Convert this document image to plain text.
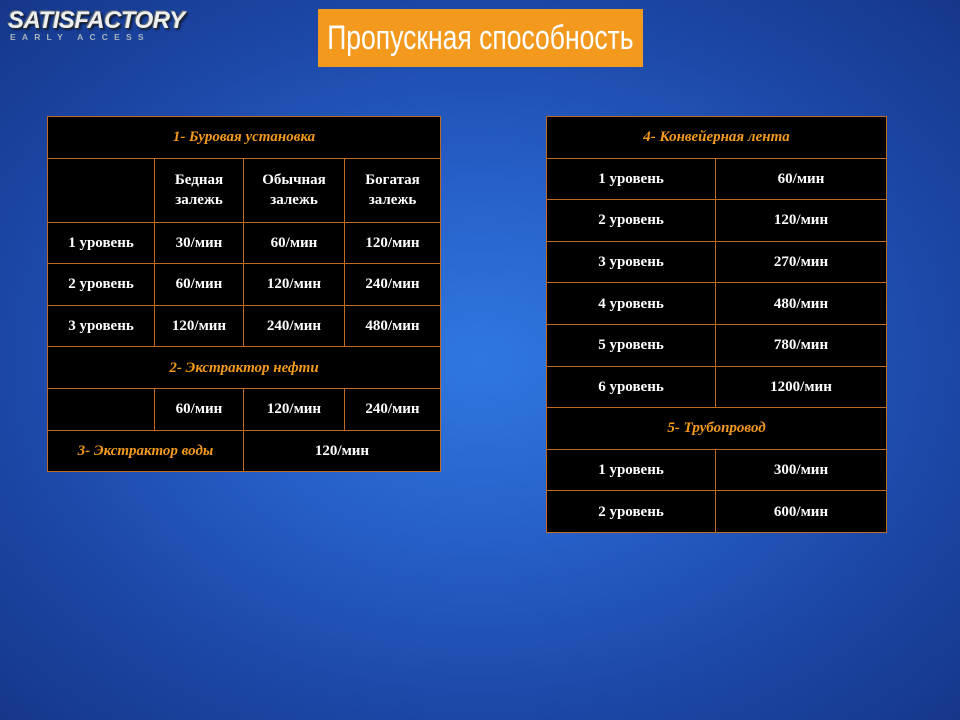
SATISFACTORY
EARLY ACCESS	Пропускная способность
1- Буровая установка			
	Бедная залежь	Обычная залежь	Богатая залежь
1 уровень	30/мин	60/мин	120/мин
2 уровень	60/мин	120/мин	240/мин
3 уровень	120/мин	240/мин	480/мин
2- Экстрактор нефти			
	60/мин	120/мин	240/мин
3- Экстрактор воды		120/мин	
4- Конвейерная лента	
1 уровень	60/мин
2 уровень	120/мин
3 уровень	270/мин
4 уровень	480/мин
5 уровень	780/мин
6 уровень	1200/мин
5- Трубопровод	
1 уровень	300/мин
2 уровень	600/мин
